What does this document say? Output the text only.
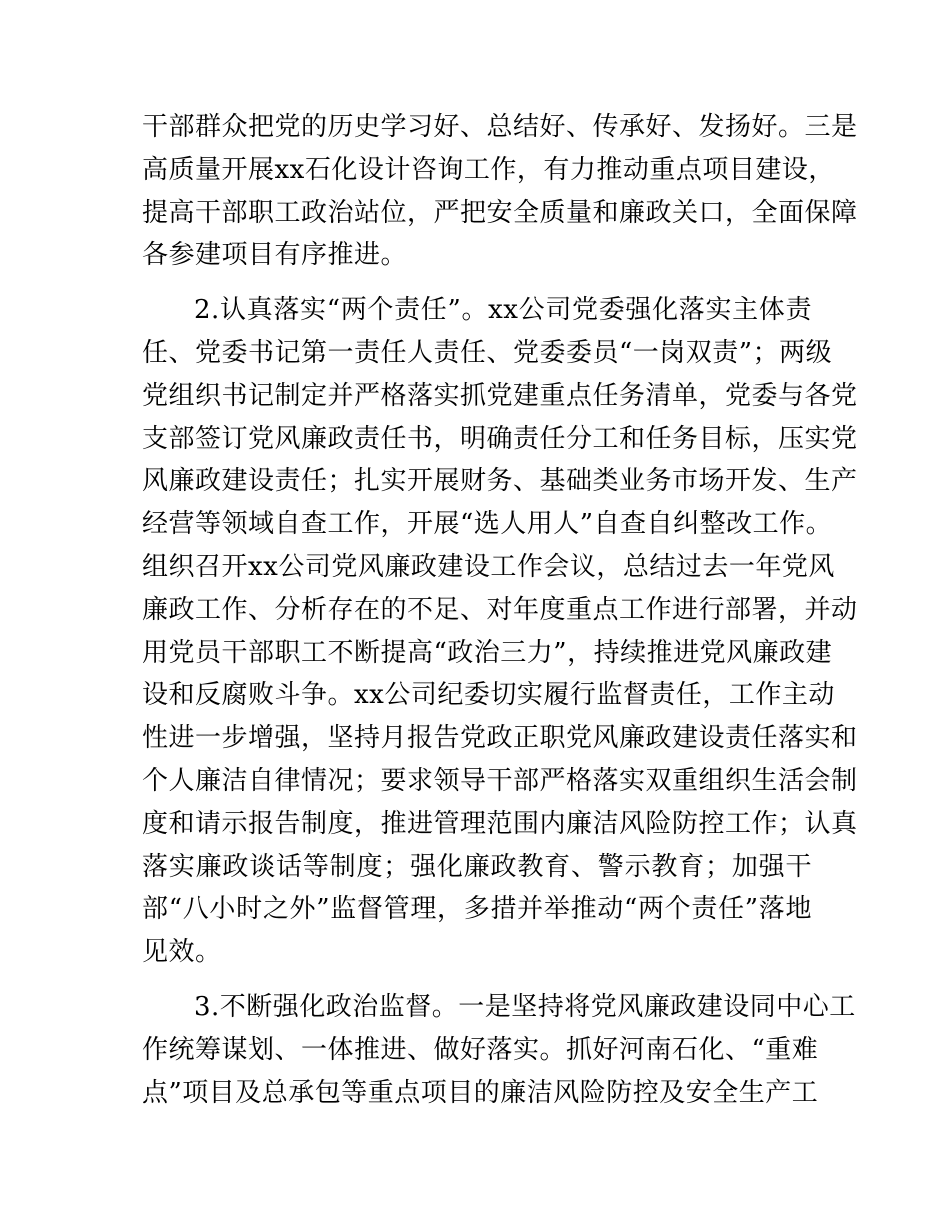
干部群众把党的历史学习好、总结好、传承好、发扬好。三是
高质量开展xx石化设计咨询工作，有力推动重点项目建设，
提高干部职工政治站位，严把安全质量和廉政关口，全面保障
各参建项目有序推进。
2.认真落实“两个责任”。xx公司党委强化落实主体责
任、党委书记第一责任人责任、党委委员“一岗双责”；两级
党组织书记制定并严格落实抓党建重点任务清单，党委与各党
支部签订党风廉政责任书，明确责任分工和任务目标，压实党
风廉政建设责任；扎实开展财务、基础类业务市场开发、生产
经营等领域自查工作，开展“选人用人”自查自纠整改工作。
组织召开xx公司党风廉政建设工作会议，总结过去一年党风
廉政工作、分析存在的不足、对年度重点工作进行部署，并动
用党员干部职工不断提高“政治三力”，持续推进党风廉政建
设和反腐败斗争。xx公司纪委切实履行监督责任，工作主动
性进一步增强，坚持月报告党政正职党风廉政建设责任落实和
个人廉洁自律情况；要求领导干部严格落实双重组织生活会制
度和请示报告制度，推进管理范围内廉洁风险防控工作；认真
落实廉政谈话等制度；强化廉政教育、警示教育；加强干
部“八小时之外”监督管理，多措并举推动“两个责任”落地
见效。
3.不断强化政治监督。一是坚持将党风廉政建设同中心工
作统筹谋划、一体推进、做好落实。抓好河南石化、“重难
点”项目及总承包等重点项目的廉洁风险防控及安全生产工
